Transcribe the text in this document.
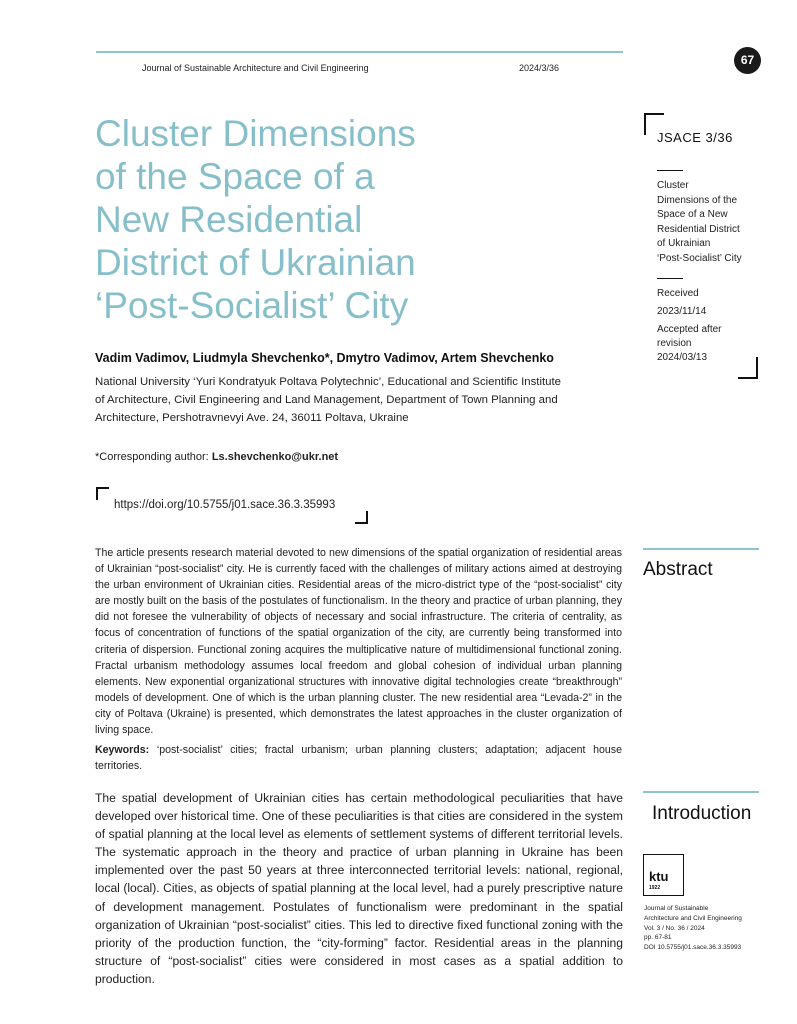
Journal of Sustainable Architecture and Civil Engineering	2024/3/36
67
Cluster Dimensions
of the Space of a
New Residential
District of Ukrainian
‘Post-Socialist’ City
Vadim Vadimov, Liudmyla Shevchenko*, Dmytro Vadimov, Artem Shevchenko
National University ‘Yuri Kondratyuk Poltava Polytechnic’, Educational and Scientific Institute
of Architecture, Civil Engineering and Land Management, Department of Town Planning and
Architecture, Pershotravnevyi Ave. 24, 36011 Poltava, Ukraine
*Corresponding author: Ls.shevchenko@ukr.net
https://doi.org/10.5755/j01.sace.36.3.35993
JSACE 3/36
Cluster
Dimensions of the
Space of a New
Residential District
of Ukrainian
‘Post-Socialist’ City
Received
2023/11/14
Accepted after revision
2024/03/13
Abstract

The article presents research material devoted to new dimensions of the spatial organization of residential areas of Ukrainian “post-socialist” city. He is currently faced with the challenges of military actions aimed at destroying the urban environment of Ukrainian cities. Residential areas of the micro-district type of the “post-socialist” city are mostly built on the basis of the postulates of functionalism. In the theory and practice of urban planning, they did not foresee the vulnerability of objects of necessary and social infrastructure. The criteria of centrality, as focus of concentration of functions of the spatial organization of the city, are currently being transformed into criteria of dispersion. Functional zoning acquires the multiplicative nature of multidimensional functional zoning. Fractal urbanism methodology assumes local freedom and global cohesion of individual urban planning elements. New exponential organizational structures with innovative digital technologies create “breakthrough” models of development. One of which is the urban planning cluster. The new residential area “Levada-2” in the city of Poltava (Ukraine) is presented, which demonstrates the latest approaches in the cluster organization of living space.

Keywords: ‘post-socialist’ cities; fractal urbanism; urban planning clusters; adaptation; adjacent house territories.
Introduction

The spatial development of Ukrainian cities has certain methodological peculiarities that have developed over historical time. One of these peculiarities is that cities are considered in the system of spatial planning at the local level as elements of settlement systems of different territorial levels. The systematic approach in the theory and practice of urban planning in Ukraine has been implemented over the past 50 years at three interconnected territorial levels: national, regional, local (local). Cities, as objects of spatial planning at the local level, had a purely prescriptive nature of development management. Postulates of functionalism were predominant in the spatial organization of Ukrainian “post-socialist” cities. This led to directive fixed functional zoning with the priority of the production function, the “city-forming” factor. Residential areas in the planning structure of “post-socialist” cities were considered in most cases as a spatial addition to production.

ktu
1922
Journal of Sustainable
Architecture and Civil Engineering
Vol. 3 / No. 36 / 2024
pp. 67-81
DOI 10.5755/j01.sace.36.3.35993
